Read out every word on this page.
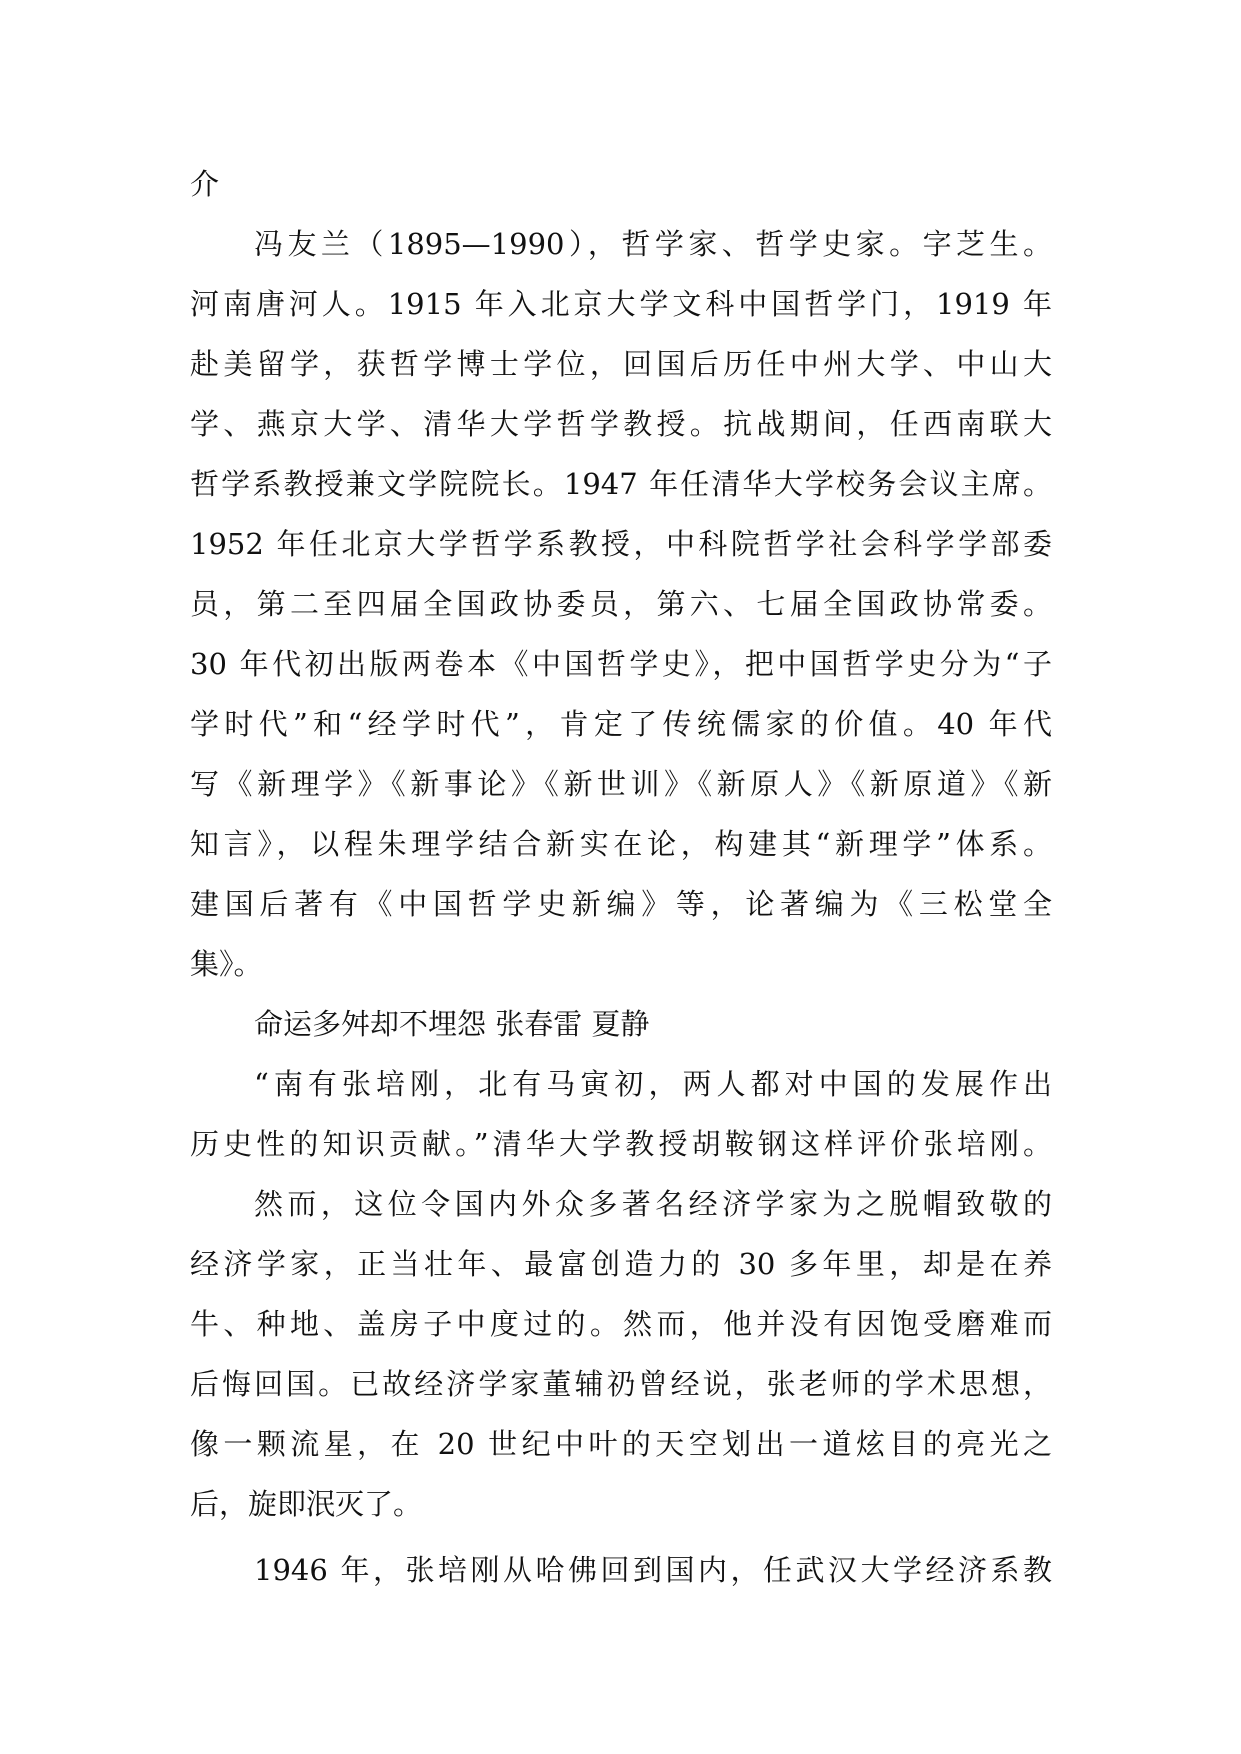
介
冯友兰（1895—1990），哲学家、哲学史家。字芝生。
河南唐河人。1915 年入北京大学文科中国哲学门，1919 年
赴美留学，获哲学博士学位，回国后历任中州大学、中山大
学、燕京大学、清华大学哲学教授。抗战期间，任西南联大
哲学系教授兼文学院院长。1947 年任清华大学校务会议主席。
1952 年任北京大学哲学系教授，中科院哲学社会科学学部委
员，第二至四届全国政协委员，第六、七届全国政协常委。
30 年代初出版两卷本《中国哲学史》，把中国哲学史分为“子
学时代”和“经学时代”，肯定了传统儒家的价值。40 年代
写《新理学》《新事论》《新世训》《新原人》《新原道》《新
知言》，以程朱理学结合新实在论，构建其“新理学”体系。
建国后著有《中国哲学史新编》等，论著编为《三松堂全
集》。
命运多舛却不埋怨 张春雷 夏静
“南有张培刚，北有马寅初，两人都对中国的发展作出
历史性的知识贡献。”清华大学教授胡鞍钢这样评价张培刚。
然而，这位令国内外众多著名经济学家为之脱帽致敬的
经济学家，正当壮年、最富创造力的 30 多年里，却是在养
牛、种地、盖房子中度过的。然而，他并没有因饱受磨难而
后悔回国。已故经济学家董辅礽曾经说，张老师的学术思想，
像一颗流星，在 20 世纪中叶的天空划出一道炫目的亮光之
后，旋即泯灭了。
1946 年，张培刚从哈佛回到国内，任武汉大学经济系教
